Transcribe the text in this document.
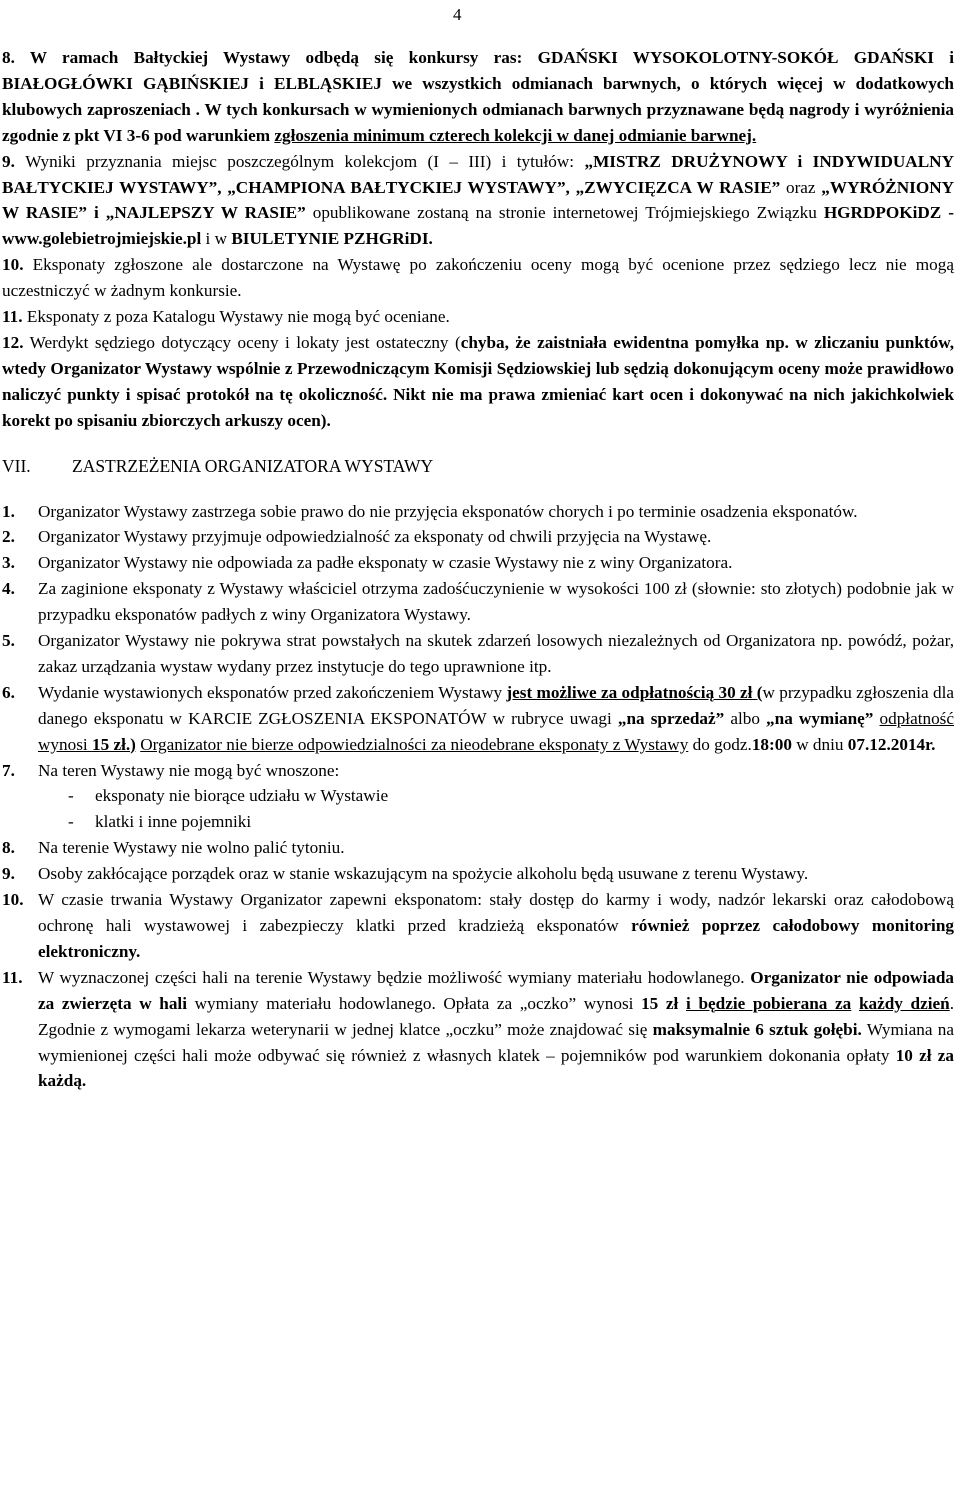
4

8. W ramach Bałtyckiej Wystawy odbędą się konkursy ras: GDAŃSKI WYSOKOLOTNY-SOKÓŁ GDAŃSKI i BIAŁOGŁÓWKI GĄBIŃSKIEJ i ELBLĄSKIEJ we wszystkich odmianach barwnych, o których więcej w dodatkowych klubowych zaproszeniach . W tych konkursach w wymienionych odmianach barwnych przyznawane będą nagrody i wyróżnienia zgodnie z pkt VI 3-6 pod warunkiem zgłoszenia minimum czterech kolekcji w danej odmianie barwnej.

9. Wyniki przyznania miejsc poszczególnym kolekcjom (I – III) i tytułów: „MISTRZ DRUŻYNOWY i INDYWIDUALNY BAŁTYCKIEJ WYSTAWY”, „CHAMPIONA BAŁTYCKIEJ WYSTAWY”, „ZWYCIĘZCA W RASIE” oraz „WYRÓŻNIONY W RASIE” i „NAJLEPSZY W RASIE” opublikowane zostaną na stronie internetowej Trójmiejskiego Związku HGRDPOKiDZ - www.golebietrojmiejskie.pl i w BIULETYNIE PZHGRiDI.

10. Eksponaty zgłoszone ale dostarczone na Wystawę po zakończeniu oceny mogą być ocenione przez sędziego lecz nie mogą uczestniczyć w żadnym konkursie.

11. Eksponaty z poza Katalogu Wystawy nie mogą być oceniane.

12. Werdykt sędziego dotyczący oceny i lokaty jest ostateczny (chyba, że zaistniała ewidentna pomyłka np. w zliczaniu punktów, wtedy Organizator Wystawy wspólnie z Przewodniczącym Komisji Sędziowskiej lub sędzią dokonującym oceny może prawidłowo naliczyć punkty i spisać protokół na tę okoliczność. Nikt nie ma prawa zmieniać kart ocen i dokonywać na nich jakichkolwiek korekt po spisaniu zbiorczych arkuszy ocen).

VII. ZASTRZEŻENIA ORGANIZATORA WYSTAWY
1. Organizator Wystawy zastrzega sobie prawo do nie przyjęcia eksponatów chorych i po terminie osadzenia eksponatów.
2. Organizator Wystawy przyjmuje odpowiedzialność za eksponaty od chwili przyjęcia na Wystawę.
3. Organizator Wystawy nie odpowiada za padłe eksponaty w czasie Wystawy nie z winy Organizatora.
4. Za zaginione eksponaty z Wystawy właściciel otrzyma zadośćuczynienie w wysokości 100 zł (słownie: sto złotych) podobnie jak w przypadku eksponatów padłych z winy Organizatora Wystawy.
5. Organizator Wystawy nie pokrywa strat powstałych na skutek zdarzeń losowych niezależnych od Organizatora np. powódź, pożar, zakaz urządzania wystaw wydany przez instytucje do tego uprawnione itp.
6. Wydanie wystawionych eksponatów przed zakończeniem Wystawy jest możliwe za odpłatnością 30 zł (w przypadku zgłoszenia dla danego eksponatu w KARCIE ZGŁOSZENIA EKSPONATÓW w rubryce uwagi „na sprzedaż” albo „na wymianę” odpłatność wynosi 15 zł.) Organizator nie bierze odpowiedzialności za nieodebrane eksponaty z Wystawy do godz.18:00 w dniu 07.12.2014r.
7. Na teren Wystawy nie mogą być wnoszone:
- eksponaty nie biorące udziału w Wystawie
- klatki i inne pojemniki
8. Na terenie Wystawy nie wolno palić tytoniu.
9. Osoby zakłócające porządek oraz w stanie wskazującym na spożycie alkoholu będą usuwane z terenu Wystawy.
10. W czasie trwania Wystawy Organizator zapewni eksponatom: stały dostęp do karmy i wody, nadzór lekarski oraz całodobową ochronę hali wystawowej i zabezpieczy klatki przed kradzieżą eksponatów również poprzez całodobowy monitoring elektroniczny.
11. W wyznaczonej części hali na terenie Wystawy będzie możliwość wymiany materiału hodowlanego. Organizator nie odpowiada za zwierzęta w hali wymiany materiału hodowlanego. Opłata za „oczko” wynosi 15 zł i będzie pobierana za każdy dzień. Zgodnie z wymogami lekarza weterynarii w jednej klatce „oczku” może znajdować się maksymalnie 6 sztuk gołębi. Wymiana na wymienionej części hali może odbywać się również z własnych klatek – pojemników pod warunkiem dokonania opłaty 10 zł za każdą.
